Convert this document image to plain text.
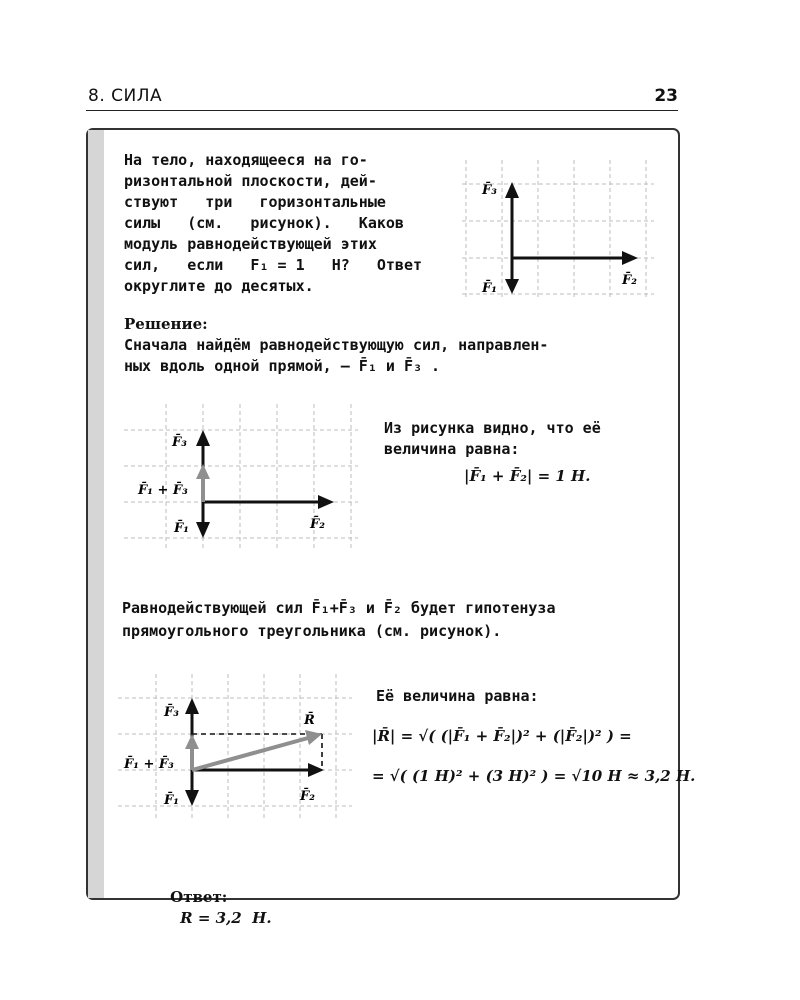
8. СИЛА	23
На тело, находящееся на го-
ризонтальной плоскости, дей-
ствуют   три   горизонтальные
силы   (см.   рисунок).   Каков
модуль равнодействующей этих
сил,   если   F₁ = 1   Н?   Ответ
округлите до десятых.
F̄₃
F̄₂
F̄₁
Решение:
Сначала найдём равнодействующую сил, направлен-
ных вдоль одной прямой, — F̄₁ и F̄₃ .
F̄₃
F̄₁ + F̄₃
F̄₁	F̄₂
Из рисунка видно, что её
величина равна:
|F̄₁ + F̄₂| = 1 Н.
Равнодействующей сил F̄₁+F̄₃ и F̄₂ будет гипотенуза
прямоугольного треугольника (см. рисунок).
F̄₃
F̄₁ + F̄₃
F̄₁	F̄₂
R̄
Её величина равна:
|R̄| = √( (|F̄₁ + F̄₂|)² + (|F̄₂|)² ) =
= √( (1 Н)² + (3 Н)² ) = √10 Н ≈ 3,2 Н.

Ответ:
R = 3,2  Н.
